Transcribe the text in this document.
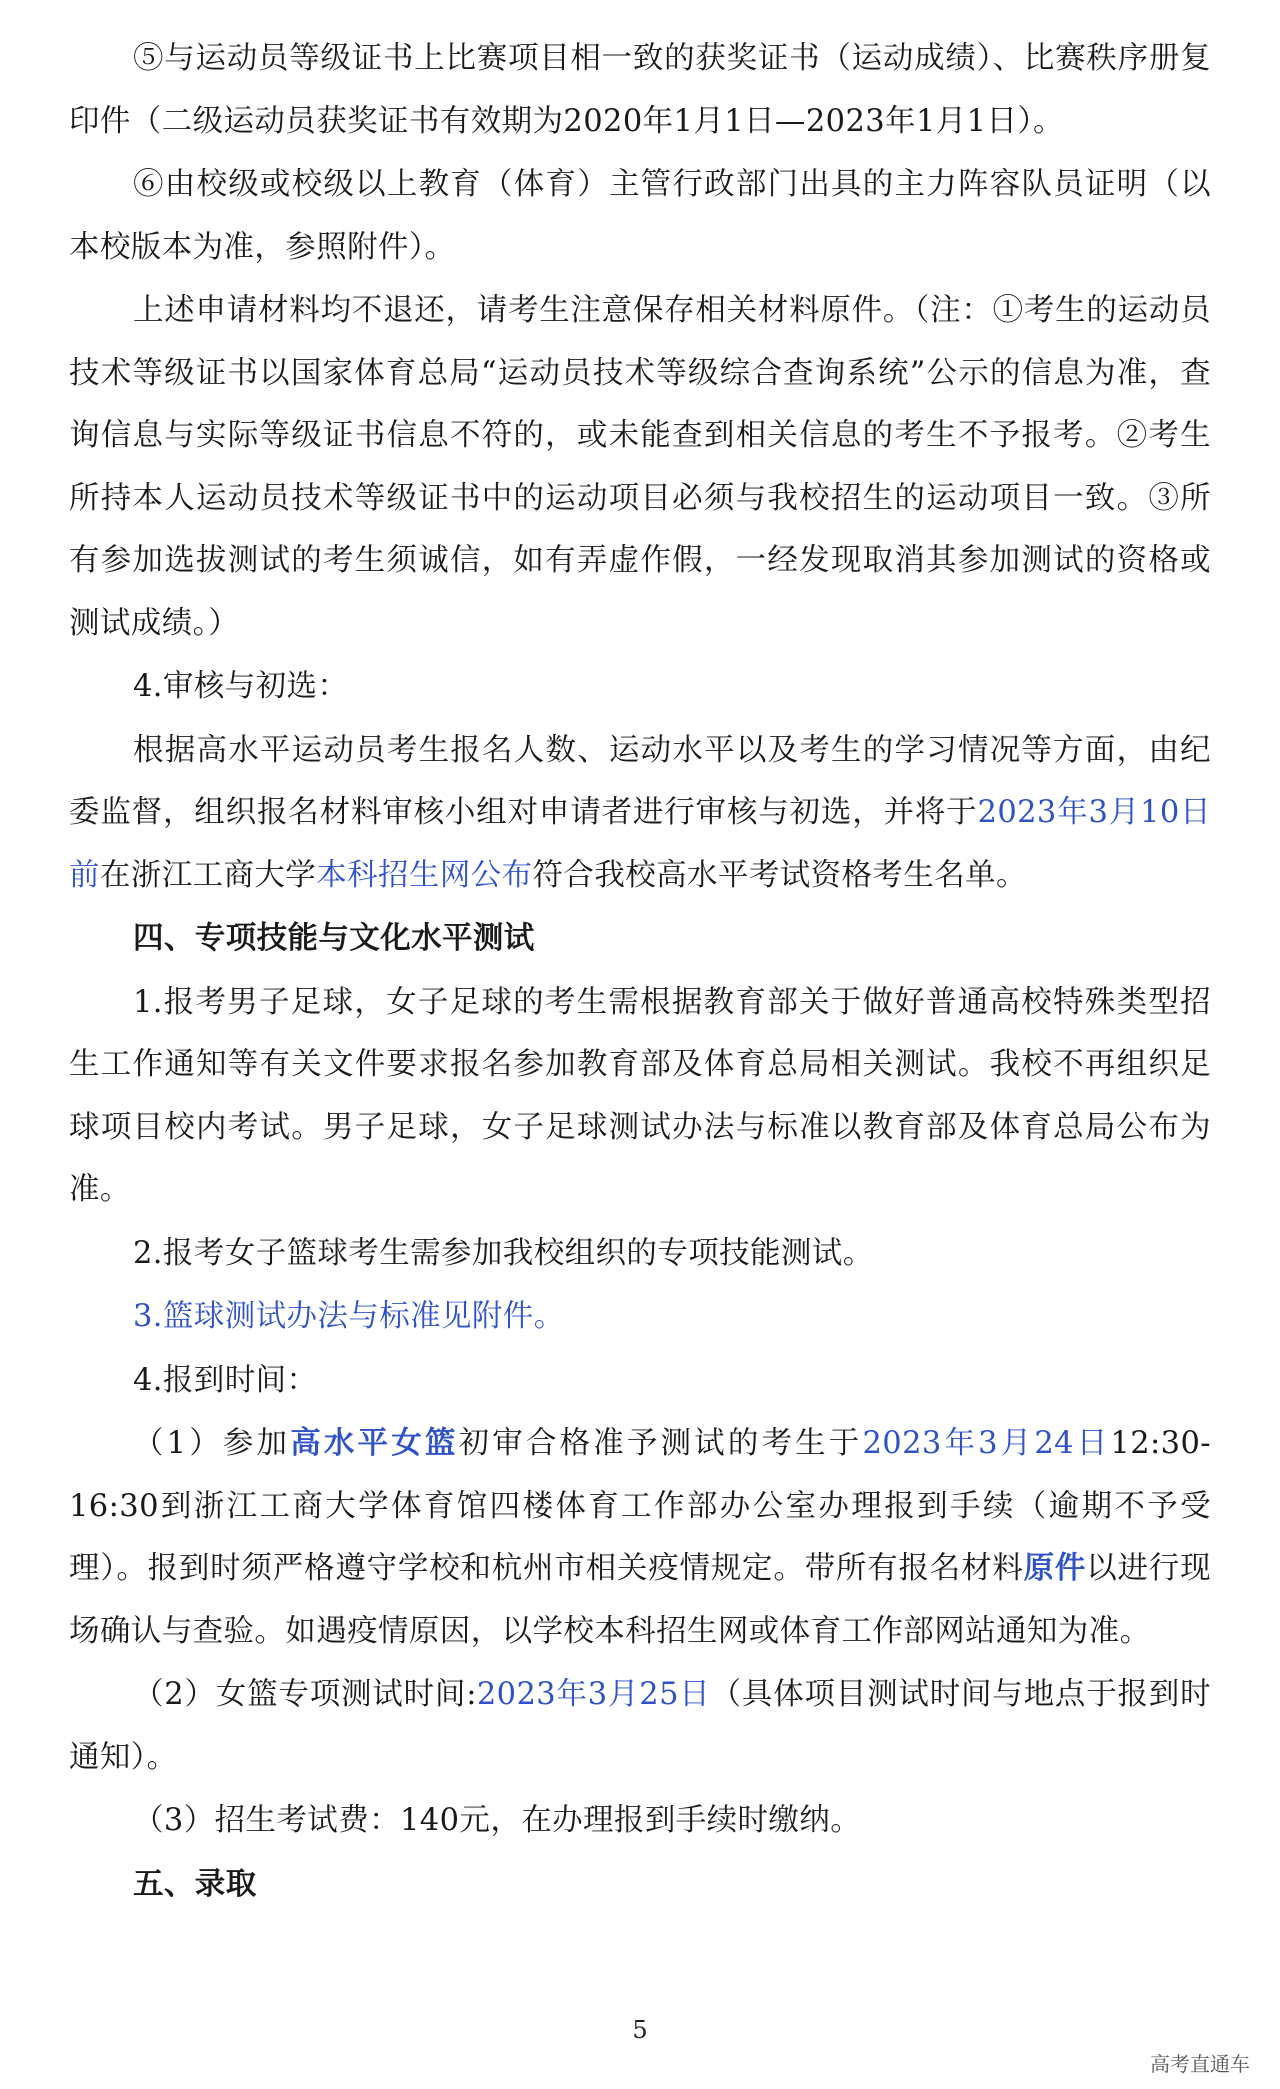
⑤与运动员等级证书上比赛项目相一致的获奖证书（运动成绩）、比赛秩序册复印件（二级运动员获奖证书有效期为2020年1月1日—2023年1月1日）。

⑥由校级或校级以上教育（体育）主管行政部门出具的主力阵容队员证明（以本校版本为准，参照附件）。

上述申请材料均不退还，请考生注意保存相关材料原件。（注：①考生的运动员技术等级证书以国家体育总局“运动员技术等级综合查询系统”公示的信息为准，查询信息与实际等级证书信息不符的，或未能查到相关信息的考生不予报考。②考生所持本人运动员技术等级证书中的运动项目必须与我校招生的运动项目一致。③所有参加选拔测试的考生须诚信，如有弄虚作假，一经发现取消其参加测试的资格或测试成绩。）

4.审核与初选：

根据高水平运动员考生报名人数、运动水平以及考生的学习情况等方面，由纪委监督，组织报名材料审核小组对申请者进行审核与初选，并将于2023年3月10日前在浙江工商大学本科招生网公布符合我校高水平考试资格考生名单。

四、专项技能与文化水平测试

1.报考男子足球，女子足球的考生需根据教育部关于做好普通高校特殊类型招生工作通知等有关文件要求报名参加教育部及体育总局相关测试。我校不再组织足球项目校内考试。男子足球，女子足球测试办法与标准以教育部及体育总局公布为准。

2.报考女子篮球考生需参加我校组织的专项技能测试。

3.篮球测试办法与标准见附件。

4.报到时间：

（1）参加高水平女篮初审合格准予测试的考生于2023年3月24日12:30-16:30到浙江工商大学体育馆四楼体育工作部办公室办理报到手续（逾期不予受理）。报到时须严格遵守学校和杭州市相关疫情规定。带所有报名材料原件以进行现场确认与查验。如遇疫情原因，以学校本科招生网或体育工作部网站通知为准。

（2）女篮专项测试时间:2023年3月25日（具体项目测试时间与地点于报到时通知）。

（3）招生考试费：140元，在办理报到手续时缴纳。

五、录取

5
高考直通车
